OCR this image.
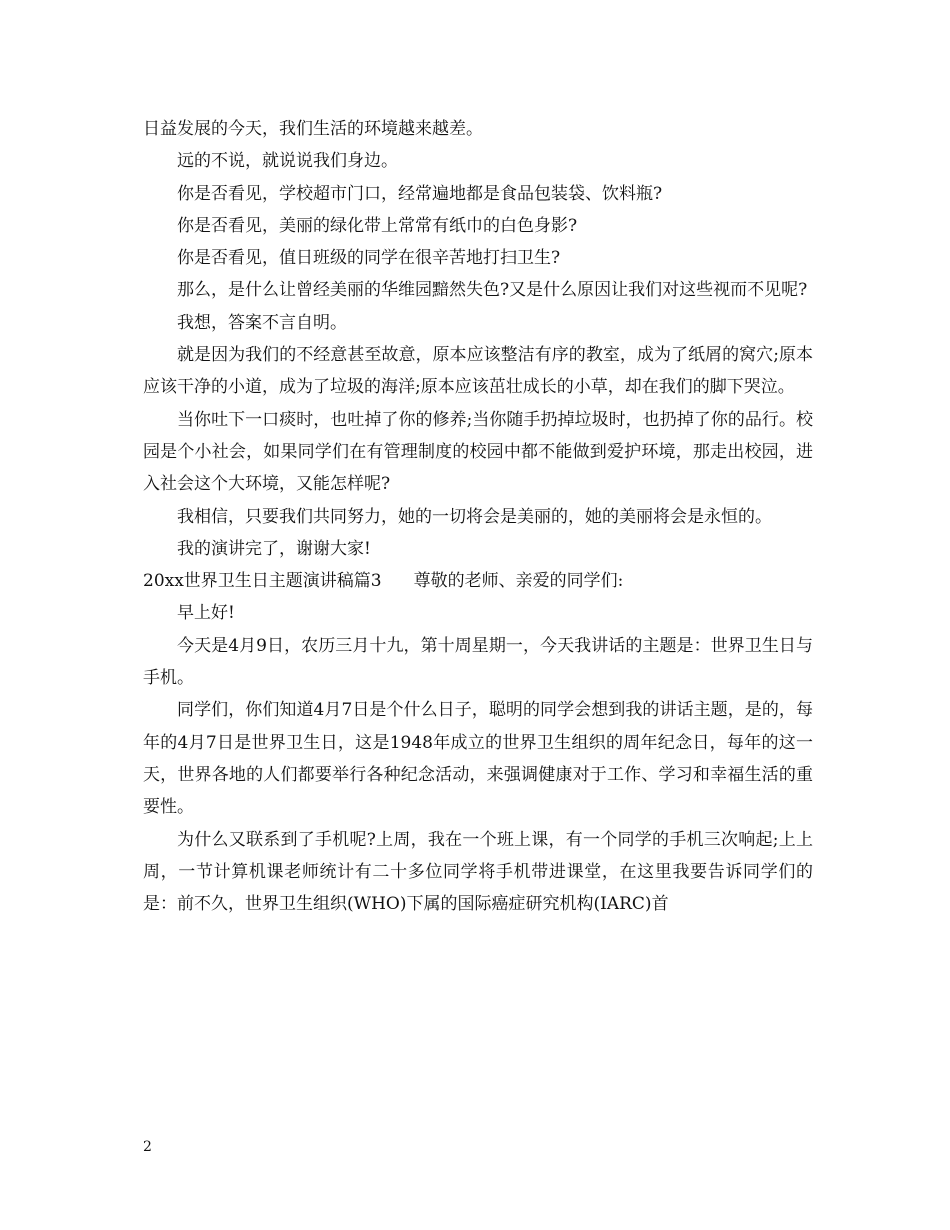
日益发展的今天，我们生活的环境越来越差。

远的不说，就说说我们身边。

你是否看见，学校超市门口，经常遍地都是食品包装袋、饮料瓶?

你是否看见，美丽的绿化带上常常有纸巾的白色身影?

你是否看见，值日班级的同学在很辛苦地打扫卫生?

那么，是什么让曾经美丽的华维园黯然失色?又是什么原因让我们对这些视而不见呢?

我想，答案不言自明。

就是因为我们的不经意甚至故意，原本应该整洁有序的教室，成为了纸屑的窝穴;原本应该干净的小道，成为了垃圾的海洋;原本应该茁壮成长的小草，却在我们的脚下哭泣。

当你吐下一口痰时，也吐掉了你的修养;当你随手扔掉垃圾时，也扔掉了你的品行。校园是个小社会，如果同学们在有管理制度的校园中都不能做到爱护环境，那走出校园，进入社会这个大环境，又能怎样呢?

我相信，只要我们共同努力，她的一切将会是美丽的，她的美丽将会是永恒的。

我的演讲完了，谢谢大家!

20xx世界卫生日主题演讲稿篇3 尊敬的老师、亲爱的同学们:

早上好!

今天是4月9日，农历三月十九，第十周星期一，今天我讲话的主题是：世界卫生日与手机。

同学们，你们知道4月7日是个什么日子，聪明的同学会想到我的讲话主题，是的，每年的4月7日是世界卫生日，这是1948年成立的世界卫生组织的周年纪念日，每年的这一天，世界各地的人们都要举行各种纪念活动，来强调健康对于工作、学习和幸福生活的重要性。

为什么又联系到了手机呢?上周，我在一个班上课，有一个同学的手机三次响起;上上周，一节计算机课老师统计有二十多位同学将手机带进课堂，在这里我要告诉同学们的是：前不久，世界卫生组织(WHO)下属的国际癌症研究机构(IARC)首

2
